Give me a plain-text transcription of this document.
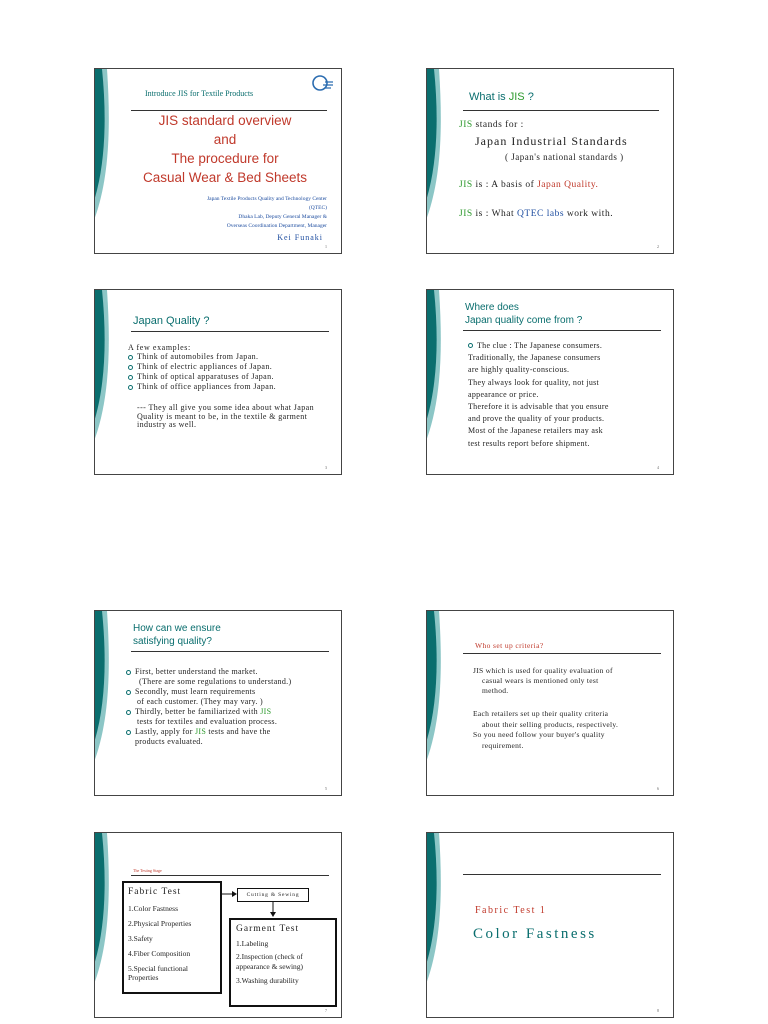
Introduce JIS for Textile Products
JIS standard overview
and
The procedure for
Casual Wear & Bed Sheets
Japan Textile Products Quality and Technology Center
(QTEC)
Dhaka Lab, Deputy General Manager &
Overseas Coordination Department, Manager
Kei Funaki
1
What is JIS ?
JIS stands for :
Japan Industrial Standards
( Japan's national standards )
JIS is : A basis of Japan Quality.
JIS is : What QTEC labs work with.
2
Japan Quality ?
A few examples:
Think of automobiles from Japan.
Think of electric appliances of Japan.
Think of optical apparatuses of Japan.
Think of office appliances from Japan.
--- They all give you some idea about what Japan Quality is meant to be, in the textile & garment industry as well.
3
Where does
Japan quality come from ?
The clue : The Japanese consumers.
Traditionally, the Japanese consumers
are highly quality-conscious.
They always look for quality, not just
appearance or price.
Therefore it is advisable that you ensure
and prove the quality of your products.
Most of the Japanese retailers may ask
test results report before shipment.
4
How can we ensure
satisfying quality?
First, better understand the market.
(There are some regulations to understand.)
Secondly, must learn requirements
of each customer. (They may vary. )
Thirdly, better be familiarized with JIS
tests for textiles and evaluation process.
Lastly, apply for JIS tests and have the
products evaluated.
5
Who set up criteria?
JIS which is used for quality evaluation of
casual wears is mentioned only test
method.
Each retailers set up their quality criteria
about their selling products, respectively.
So you need follow your buyer's quality
requirement.
6
The Testing Stage
Fabric Test
1.Color Fastness
2.Physical Properties
3.Safety
4.Fiber Composition
5.Special functional Properties
Cutting & Sewing
Garment Test
1.Labeling
2.Inspection (check of appearance & sewing)
3.Washing durability
7
Fabric Test 1
Color Fastness
8
